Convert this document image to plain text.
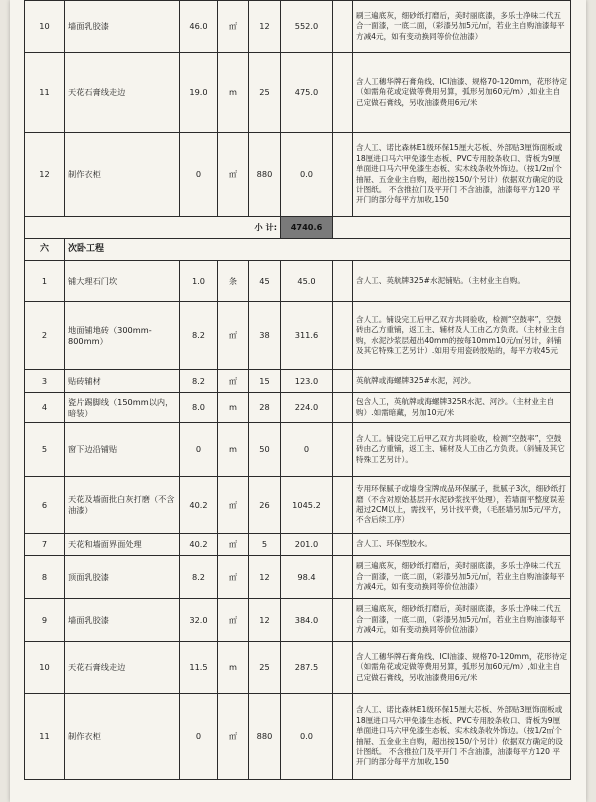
10	墙面乳胶漆	46.0	㎡	12	552.0		刷三遍底灰，细砂纸打磨后，美时丽底漆，多乐士净味二代五合一面漆，一底二面，（彩漆另加5元/㎡，若业主自购油漆每平方减4元，如有变动换同等价位油漆）
11	天花石膏线走边	19.0	m	25	475.0		含人工穗华牌石膏角线、ICI油漆、规格70-120mm，花形待定（如需角花或定做等费用另算，弧形另加60元/m）,如业主自己定做石膏线，另收油漆费用6元/米
12	制作衣柜	0	㎡	880	0.0		含人工、诺比森林E1级环保15厘大芯板、外部贴3厘饰面板或18厘进口马六甲免漆生态板、PVC专用胶条收口、背板为9厘单面进口马六甲免漆生态板、实木线条收外饰边。（按1/2㎡个抽屉、五金业主自购，超出按150/个另计）依据双方确定的设计图纸。 不含推拉门及平开门 不含油漆，油漆每平方120 平开门的部分每平方加收,150
小 计:					4740.6		
六	次卧工程						
1	铺大理石门坎	1.0	条	45	45.0		含人工、英航牌325#水泥铺贴。（主材业主自购。
2	地面铺地砖（300mm-800mm）	8.2	㎡	38	311.6		含人工。铺设完工后甲乙双方共同验收，检测“空鼓率”，空鼓砖由乙方重铺，返工主、辅材及人工由乙方负责。（主材业主自购，水泥沙浆层超出40mm的按每10mm10元/㎡另计，斜铺及其它特殊工艺另计）.如用专用瓷砖胶贴的，每平方收45元
3	贴砖辅材	8.2	㎡	15	123.0		英航牌或海螺牌325#水泥，河沙。
4	瓷片踢脚线（150mm以内，暗装）	8.0	m	28	224.0		包含人工，英航牌或海螺牌325R水泥、河沙。（主材业主自购）.如需暗藏，另加10元/米
5	窗下边沿铺贴	0	m	50	0		含人工。铺设完工后甲乙双方共同验收，检测“空鼓率”，空鼓砖由乙方重铺，返工主、辅材及人工由乙方负责。（斜铺及其它特殊工艺另计）。
6	天花及墙面批白灰打磨（不含油漆）	40.2	㎡	26	1045.2		专用环保腻子或墙身宝牌成品环保腻子，批腻子3次，细砂纸打磨（不含对原始基层开水泥砂浆找平处理），若墙面平整度误差超过2CM以上，需找平，另计找平费，（毛胚墙另加5元/平方，不含后续工序）
7	天花和墙面界面处理	40.2	㎡	5	201.0		含人工、环保型胶水。
8	顶面乳胶漆	8.2	㎡	12	98.4		刷三遍底灰，细砂纸打磨后，美时丽底漆，多乐士净味二代五合一面漆，一底二面，（彩漆另加5元/㎡，若业主自购油漆每平方减4元，如有变动换同等价位油漆）
9	墙面乳胶漆	32.0	㎡	12	384.0		刷三遍底灰，细砂纸打磨后，美时丽底漆，多乐士净味二代五合一面漆，一底二面，（彩漆另加5元/㎡，若业主自购油漆每平方减4元，如有变动换同等价位油漆）
10	天花石膏线走边	11.5	m	25	287.5		含人工穗华牌石膏角线、ICI油漆、规格70-120mm，花形待定（如需角花或定做等费用另算，弧形另加60元/m）,如业主自己定做石膏线，另收油漆费用6元/米
11	制作衣柜	0	㎡	880	0.0		含人工、诺比森林E1级环保15厘大芯板、外部贴3厘饰面板或18厘进口马六甲免漆生态板、PVC专用胶条收口、背板为9厘单面进口马六甲免漆生态板、实木线条收外饰边。（按1/2㎡个抽屉、五金业主自购，超出按150/个另计）依据双方确定的设计图纸。 不含推拉门及平开门 不含油漆，油漆每平方120 平开门的部分每平方加收,150
